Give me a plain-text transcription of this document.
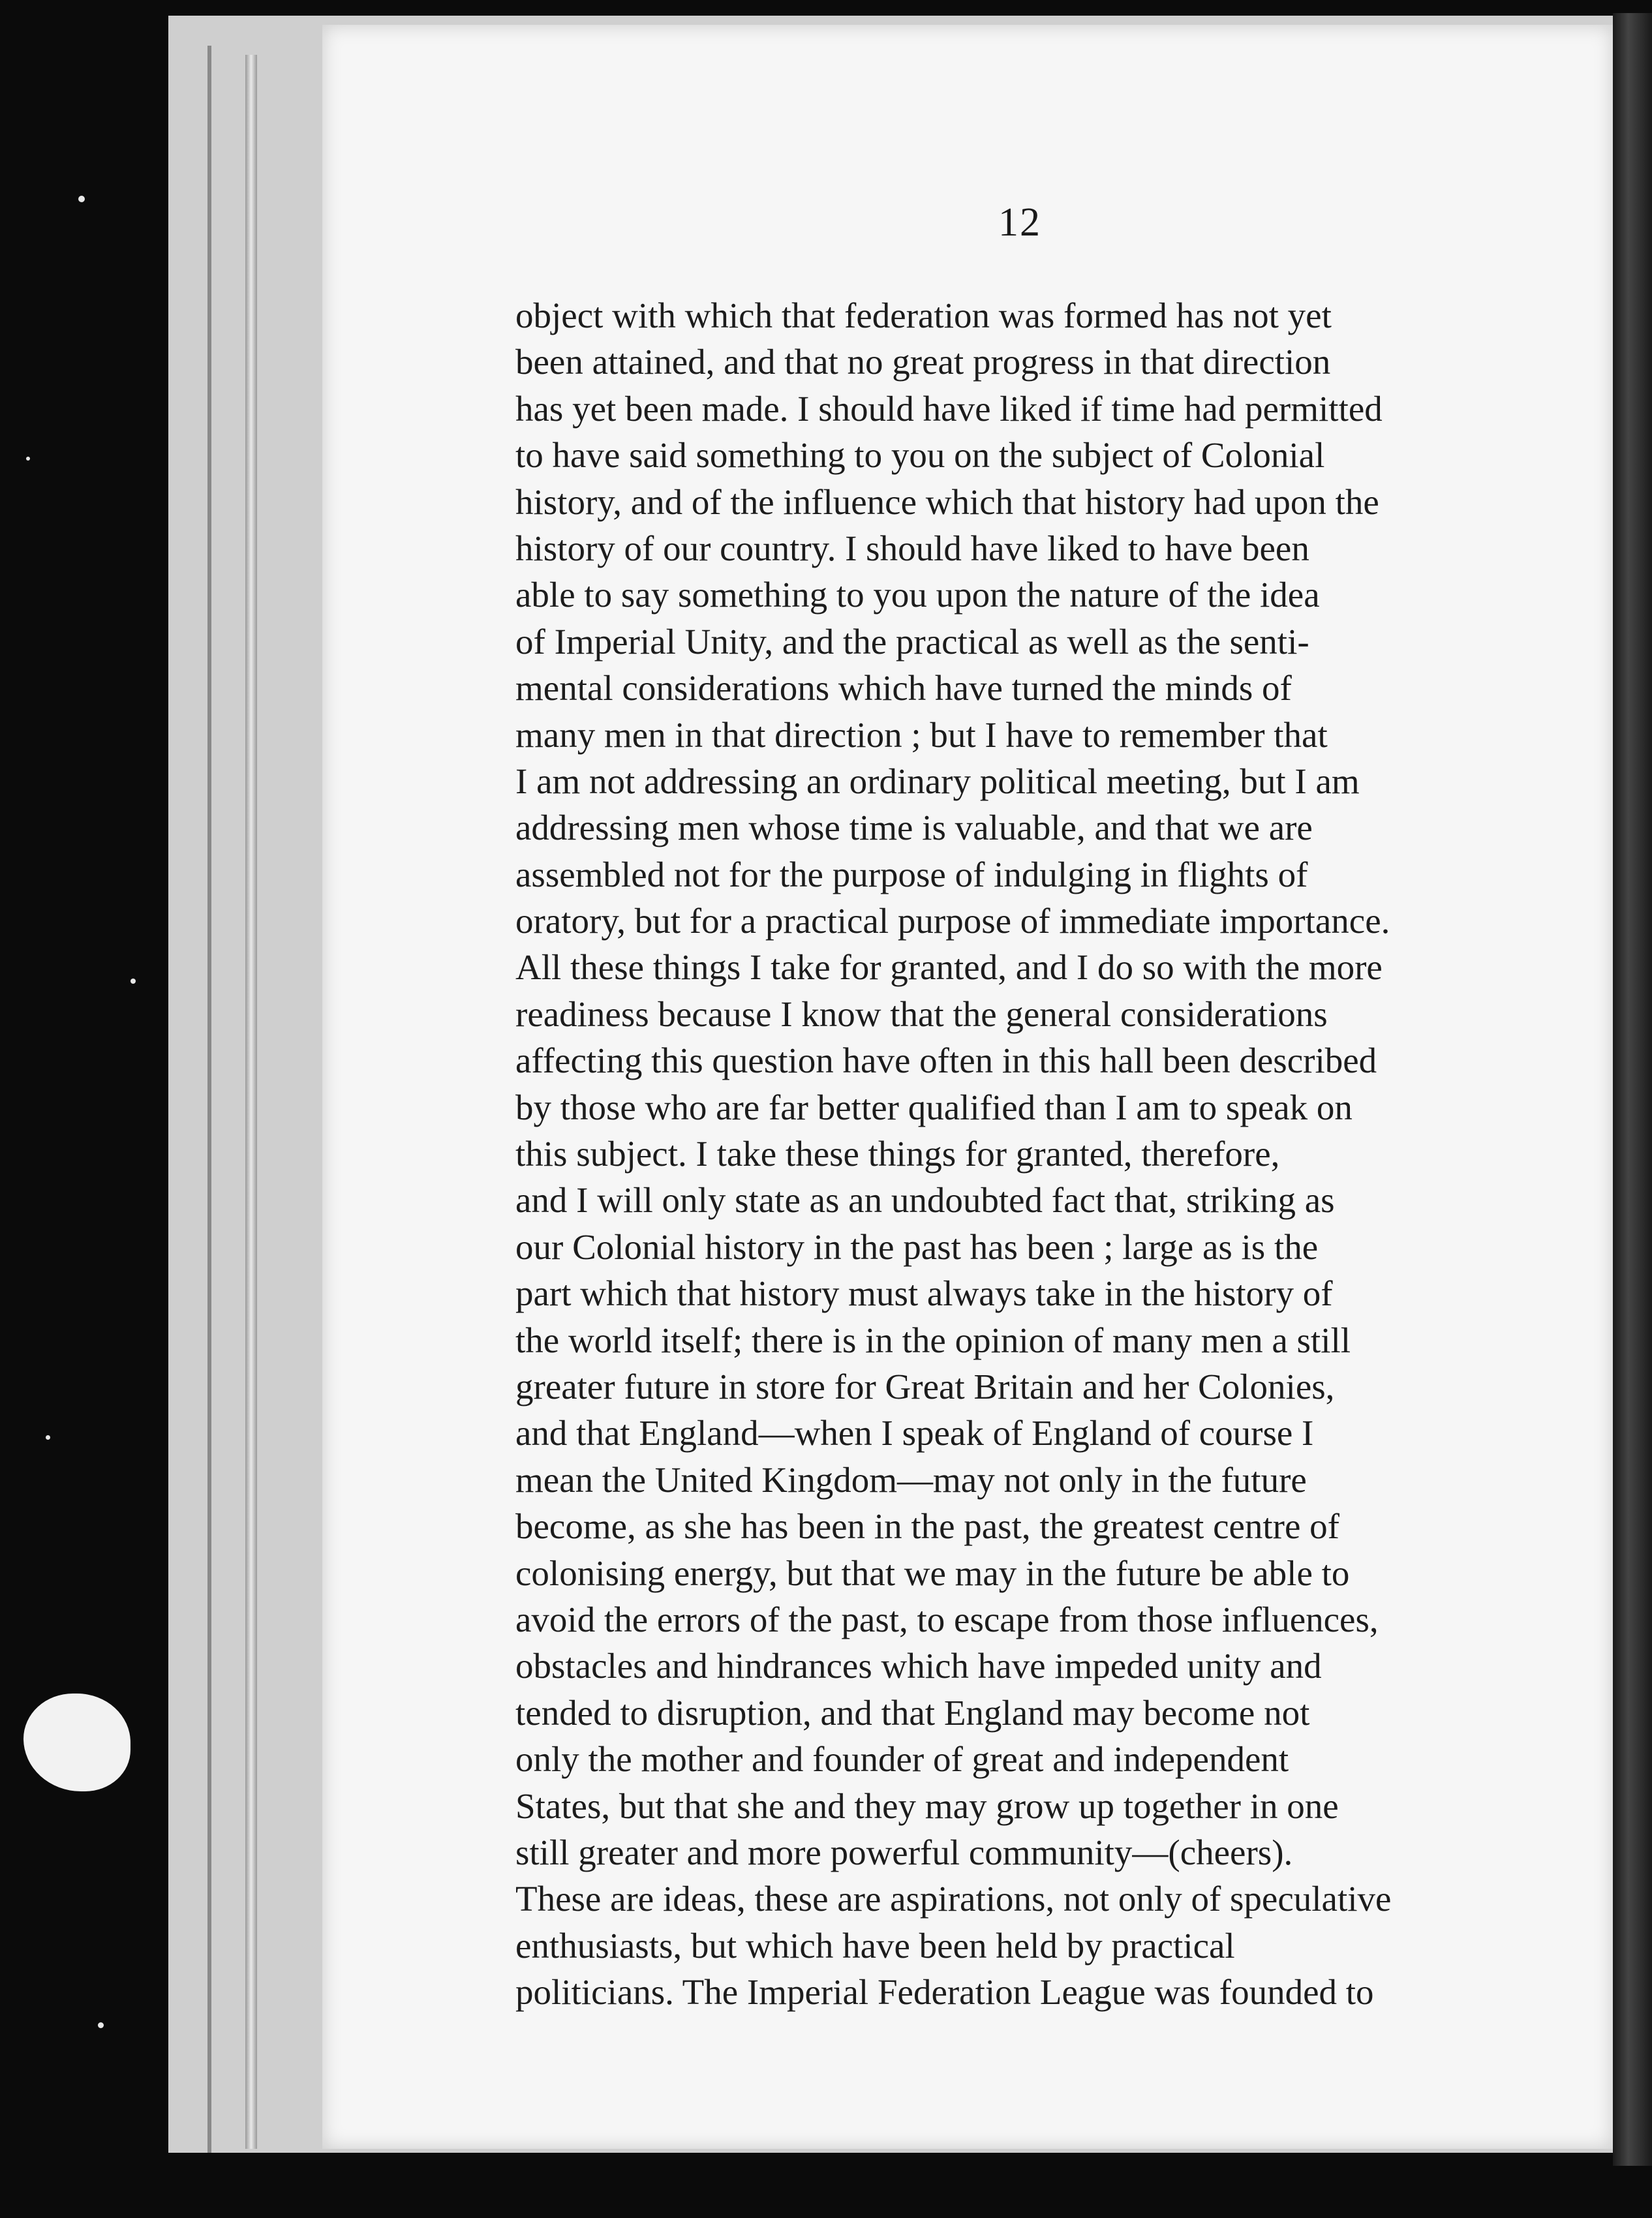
12
object with which that federation was formed has not yet
been attained, and that no great progress in that direction
has yet been made. I should have liked if time had permitted
to have said something to you on the subject of Colonial
history, and of the influence which that history had upon the
history of our country. I should have liked to have been
able to say something to you upon the nature of the idea
of Imperial Unity, and the practical as well as the senti-
mental considerations which have turned the minds of
many men in that direction ; but I have to remember that
I am not addressing an ordinary political meeting, but I am
addressing men whose time is valuable, and that we are
assembled not for the purpose of indulging in flights of
oratory, but for a practical purpose of immediate importance.
All these things I take for granted, and I do so with the more
readiness because I know that the general considerations
affecting this question have often in this hall been described
by those who are far better qualified than I am to speak on
this subject. I take these things for granted, therefore,
and I will only state as an undoubted fact that, striking as
our Colonial history in the past has been ; large as is the
part which that history must always take in the history of
the world itself; there is in the opinion of many men a still
greater future in store for Great Britain and her Colonies,
and that England—when I speak of England of course I
mean the United Kingdom—may not only in the future
become, as she has been in the past, the greatest centre of
colonising energy, but that we may in the future be able to
avoid the errors of the past, to escape from those influences,
obstacles and hindrances which have impeded unity and
tended to disruption, and that England may become not
only the mother and founder of great and independent
States, but that she and they may grow up together in one
still greater and more powerful community—(cheers).
These are ideas, these are aspirations, not only of speculative
enthusiasts, but which have been held by practical
politicians. The Imperial Federation League was founded to
